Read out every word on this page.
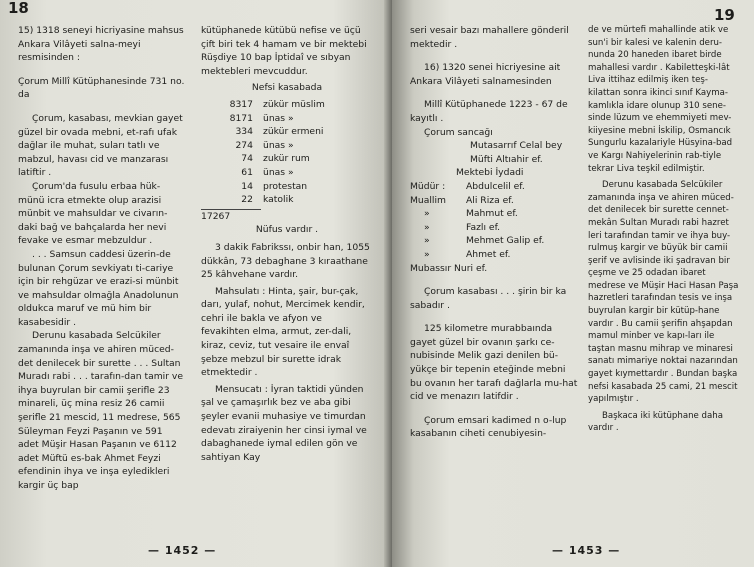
18

15) 1318 seneyi hicriyasine mahsus Ankara Vilâyeti salna-meyi resmisinden :

Çorum Millî Kütüphanesinde 731 no. da

Çorum, kasabası, mevkian gayet güzel bir ovada mebni, et-rafı ufak dağlar ile muhat, suları tatlı ve mabzul, havası cid ve manzarası latiftir .

Çorum'da fusulu erbaa hük-münü icra etmekte olup arazisi münbit ve mahsuldar ve civarın-daki bağ ve bahçalarda her nevi fevake ve esmar mebzuldur .

. . . Samsun caddesi üzerin-de bulunan Çorum sevkiyatı ti-cariye için bir rehgüzar ve erazi-si münbit ve mahsuldar olmağla Anadolunun oldukca maruf ve mü him bir kasabesidir .

Derunu kasabada Selcükiler zamanında inşa ve ahiren müced-det denilecek bir surette . . . Sultan Muradı rabi . . . tarafın-dan tamir ve ihya buyrulan bir camii şerifle 23 minareli, üç mina resiz 26 camii şerifle 21 mescid, 11 medrese, 565 Süleyman Feyzi Paşanın ve 591 adet Müşir Hasan Paşanın ve 6112 adet Müftü es-bak Ahmet Feyzi efendinin ihya ve inşa eyledikleri kargir üç bap

kütüphanede kütübü nefise ve üçü çift biri tek 4 hamam ve bir mektebi Rüşdiye 10 bap İptidaî ve sıbyan mektebleri mevcuddur.

Nefsi kasabada

8317	zükür müslim
8171	ünas »
334	zükür ermeni
274	ünas »
74	zukür rum
61	ünas »
14	protestan
22	katolik

17267

Nüfus vardır .

3 dakik Fabrikssı, onbir han, 1055 dükkân, 73 debaghane 3 kıraathane 25 kâhvehane vardır.

Mahsulatı : Hinta, şair, bur-çak, darı, yulaf, nohut, Mercimek kendir, cehri ile bakla ve afyon ve fevakihten elma, armut, zer-dali, kiraz, ceviz, tut vesaire ile envaî şebze mebzul bir surette idrak etmektedir .

Mensucatı : İyran taktidi yünden şal ve çamaşırlık bez ve aba gibi şeyler evanii muhasiye ve timurdan edevatı ziraiyenin her cinsi iymal ve dabaghanede iymal edilen gön ve sahtiyan Kay

— 1452 —
19

seri vesair bazı mahallere gönderil mektedir .

16) 1320 senei hicriyesine ait Ankara Vilâyeti salnamesinden

Millî Kütüphanede 1223 - 67 de kayıtlı .

Çorum sancağı

Mutasarrıf Celal bey

Müfti Altıahir ef.

Mektebi İydadi

Müdür :	Abdulcelil ef.
Muallim	Ali Riza ef.
»	Mahmut ef.
»	Fazlı ef.
»	Mehmet Galip ef.
»	Ahmet ef.

Mubassır Nuri ef.

Çorum kasabası . . . şirin bir ka sabadır .

125 kilometre murabbaında gayet güzel bir ovanın şarkı ce-nubisinde Melik gazi denilen bü-yükçe bir tepenin eteğinde mebni bu ovanın her tarafı dağlarla mu-hat cid ve menazırı latifdir .

Çorum emsari kadimed n o-lup kasabanın ciheti cenubiyesin-

de ve mürtefi mahallinde atik ve sun'i bir kalesi ve kalenin deru-nunda 20 haneden ibaret birde mahallesi vardır . Kabiletteşki-lât Liva ittihaz edilmiş iken teş-kilattan sonra ikinci sınıf Kayma-kamlıkla idare olunup 310 sene-sinde lüzum ve ehemmiyeti mev-kiiyesine mebni İskilip, Osmancık Sungurlu kazalariyle Hüsyina-bad ve Kargı Nahiyelerinin rab-tiyle tekrar Liva teşkil edilmiştir.

Derunu kasabada Selcükiler zamanında inşa ve ahiren müced-det denilecek bir surette cennet-mekân Sultan Muradı rabi hazret leri tarafından tamir ve ihya buy-rulmuş kargir ve büyük bir camii şerif ve avlisinde iki şadravan bir çeşme ve 25 odadan ibaret medrese ve Müşir Haci Hasan Paşa hazretleri tarafından tesis ve inşa buyrulan kargir bir kütüp-hane vardır . Bu camii şerifin ahşapdan mamul minber ve kapı-ları ile taştan masnu mihrap ve minaresi sanatı mimariye noktai nazarından gayet kıymettardır . Bundan başka nefsi kasabada 25 cami, 21 mescit yapılmıştır .

Başkaca iki kütüphane daha vardır .

— 1453 —
